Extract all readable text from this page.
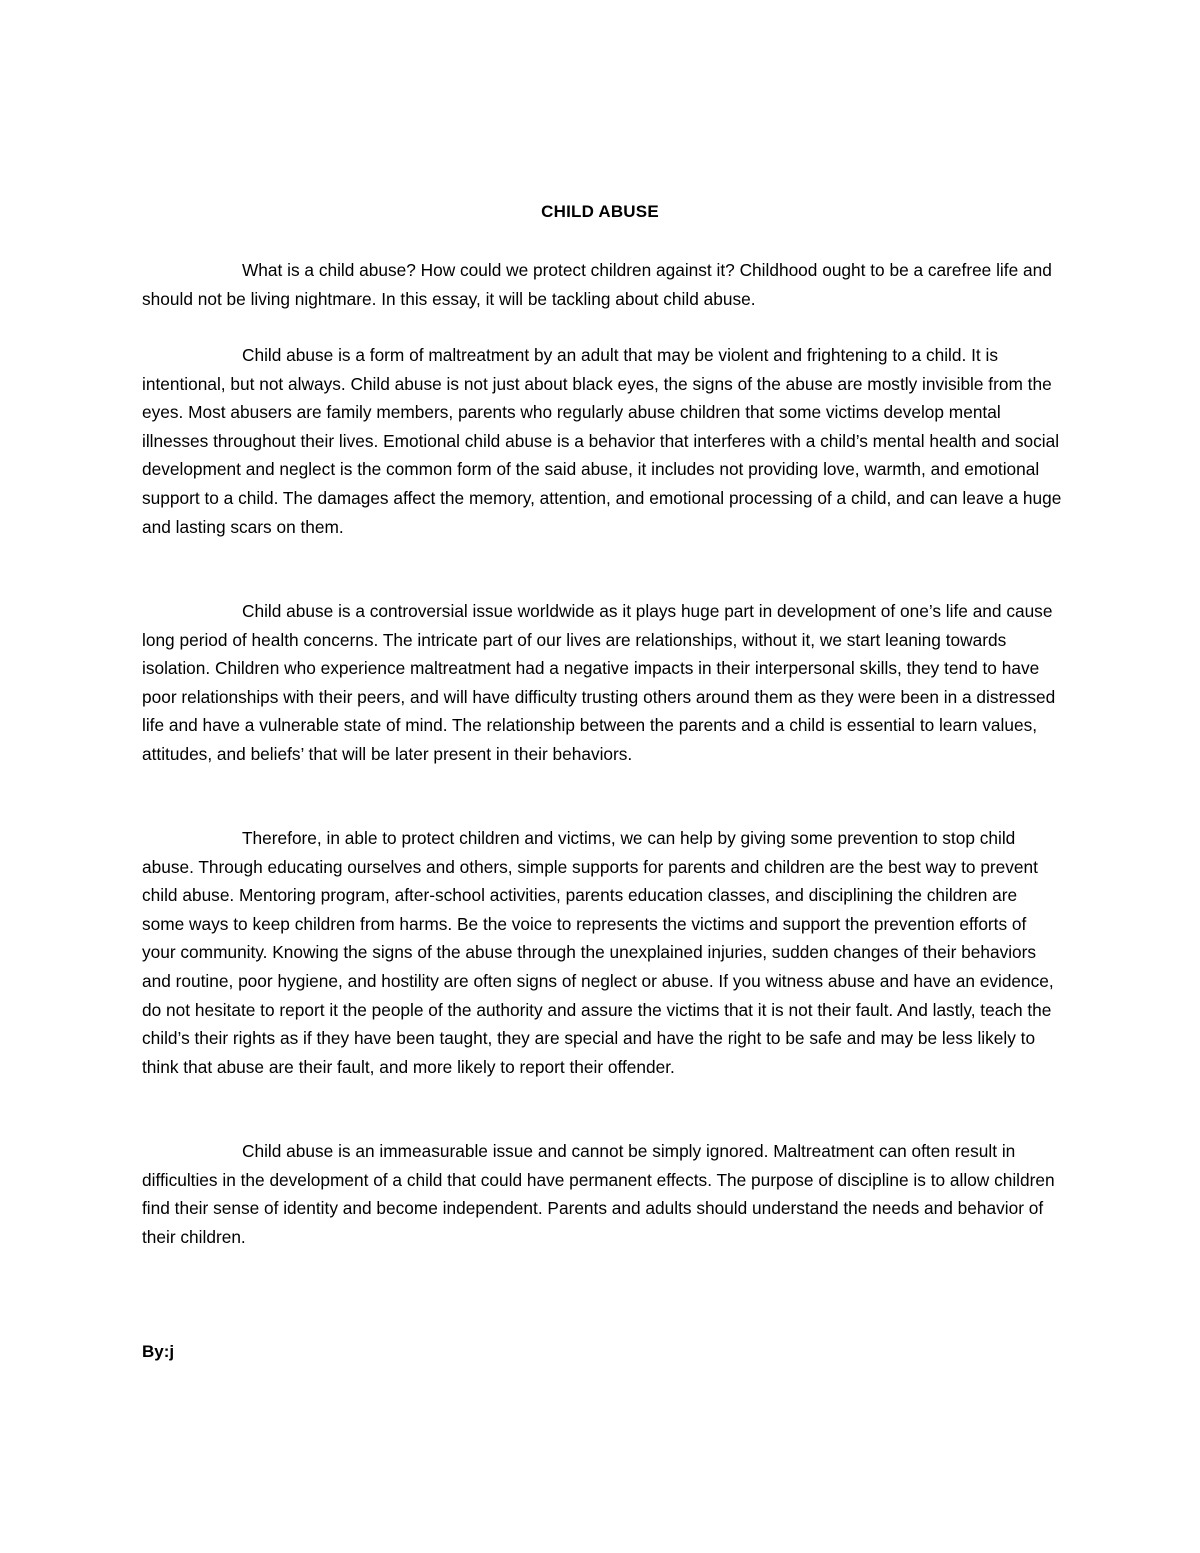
CHILD ABUSE

What is a child abuse? How could we protect children against it? Childhood ought to be a carefree life and should not be living nightmare. In this essay, it will be tackling about child abuse.

Child abuse is a form of maltreatment by an adult that may be violent and frightening to a child. It is intentional, but not always. Child abuse is not just about black eyes, the signs of the abuse are mostly invisible from the eyes. Most abusers are family members, parents who regularly abuse children that some victims develop mental illnesses throughout their lives. Emotional child abuse is a behavior that interferes with a child’s mental health and social development and neglect is the common form of the said abuse, it includes not providing love, warmth, and emotional support to a child. The damages affect the memory, attention, and emotional processing of a child, and can leave a huge and lasting scars on them.

Child abuse is a controversial issue worldwide as it plays huge part in development of one’s life and cause long period of health concerns. The intricate part of our lives are relationships, without it, we start leaning towards isolation. Children who experience maltreatment had a negative impacts in their interpersonal skills, they tend to have poor relationships with their peers, and will have difficulty trusting others around them as they were been in a distressed life and have a vulnerable state of mind. The relationship between the parents and a child is essential to learn values, attitudes, and beliefs’ that will be later present in their behaviors.

Therefore, in able to protect children and victims, we can help by giving some prevention to stop child abuse. Through educating ourselves and others, simple supports for parents and children are the best way to prevent child abuse. Mentoring program, after-school activities, parents education classes, and disciplining the children are some ways to keep children from harms. Be the voice to represents the victims and support the prevention efforts of your community. Knowing the signs of the abuse through the unexplained injuries, sudden changes of their behaviors and routine, poor hygiene, and hostility are often signs of neglect or abuse. If you witness abuse and have an evidence, do not hesitate to report it the people of the authority and assure the victims that it is not their fault. And lastly, teach the child’s their rights as if they have been taught, they are special and have the right to be safe and may be less likely to think that abuse are their fault, and more likely to report their offender.

Child abuse is an immeasurable issue and cannot be simply ignored. Maltreatment can often result in difficulties in the development of a child that could have permanent effects. The purpose of discipline is to allow children find their sense of identity and become independent. Parents and adults should understand the needs and behavior of their children.

By:j
